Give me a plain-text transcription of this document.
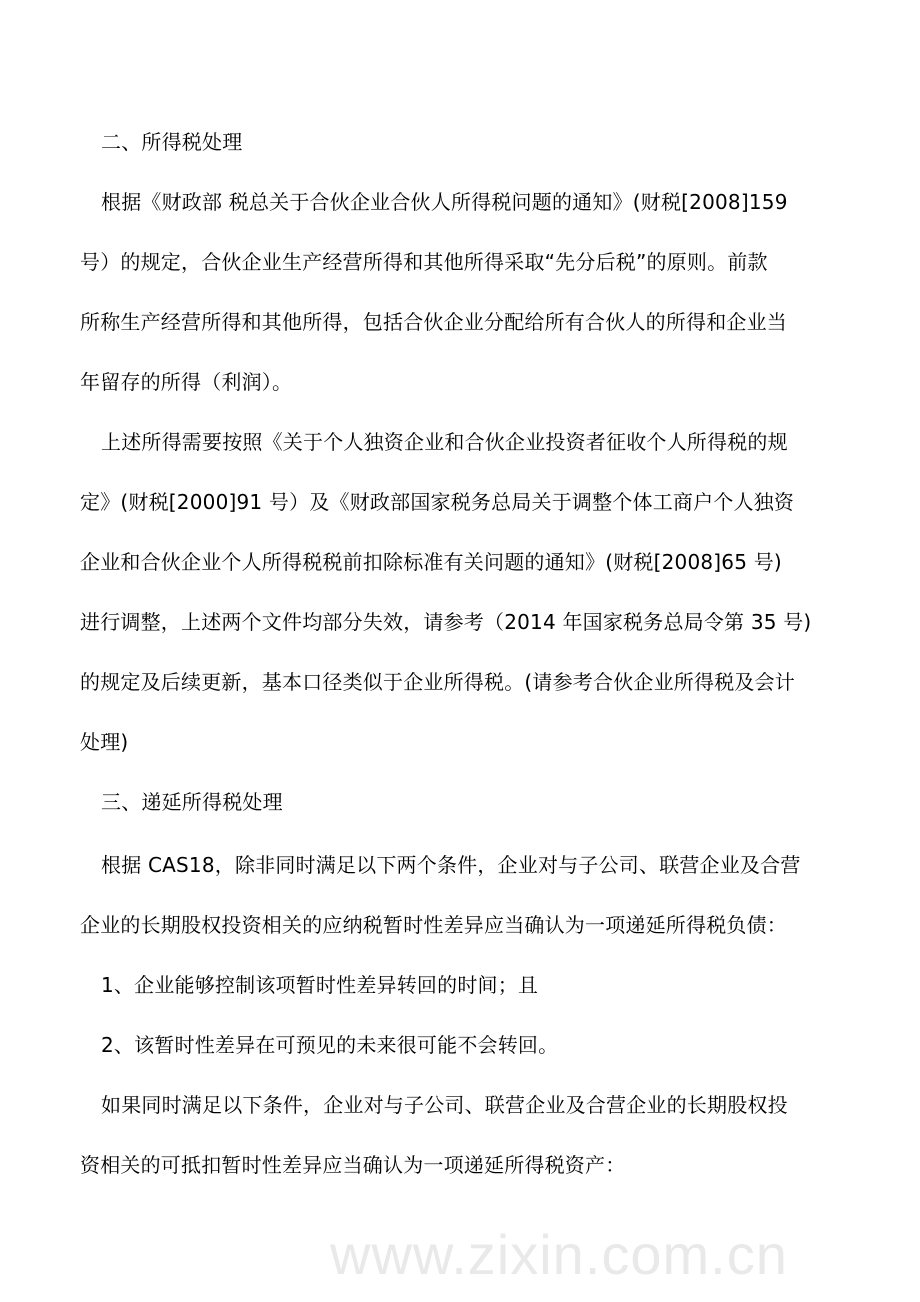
二、所得税处理
根据《财政部 税总关于合伙企业合伙人所得税问题的通知》(财税[2008]159
号）的规定，合伙企业生产经营所得和其他所得采取“先分后税”的原则。前款
所称生产经营所得和其他所得，包括合伙企业分配给所有合伙人的所得和企业当
年留存的所得（利润）。
上述所得需要按照《关于个人独资企业和合伙企业投资者征收个人所得税的规
定》(财税[2000]91 号）及《财政部国家税务总局关于调整个体工商户个人独资
企业和合伙企业个人所得税税前扣除标准有关问题的通知》(财税[2008]65 号)
进行调整，上述两个文件均部分失效，请参考（2014 年国家税务总局令第 35 号)
的规定及后续更新，基本口径类似于企业所得税。(请参考合伙企业所得税及会计
处理)
三、递延所得税处理
根据 CAS18，除非同时满足以下两个条件，企业对与子公司、联营企业及合营
企业的长期股权投资相关的应纳税暂时性差异应当确认为一项递延所得税负债：
1、企业能够控制该项暂时性差异转回的时间；且
2、该暂时性差异在可预见的未来很可能不会转回。
如果同时满足以下条件，企业对与子公司、联营企业及合营企业的长期股权投
资相关的可抵扣暂时性差异应当确认为一项递延所得税资产：
www.zixin.com.cn
